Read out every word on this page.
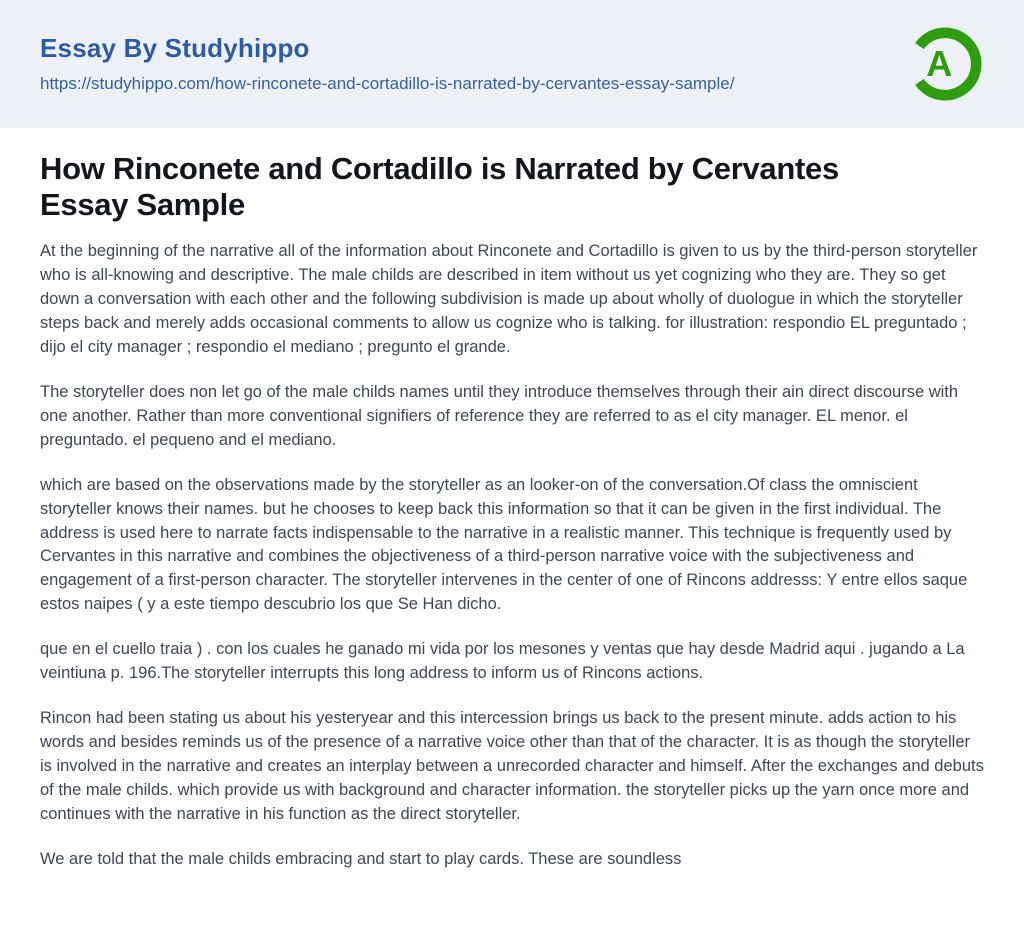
Essay By Studyhippo
https://studyhippo.com/how-rinconete-and-cortadillo-is-narrated-by-cervantes-essay-sample/
A
How Rinconete and Cortadillo is Narrated by Cervantes Essay Sample

At the beginning of the narrative all of the information about Rinconete and Cortadillo is given to us by the third-person storyteller who is all-knowing and descriptive. The male childs are described in item without us yet cognizing who they are. They so get down a conversation with each other and the following subdivision is made up about wholly of duologue in which the storyteller steps back and merely adds occasional comments to allow us cognize who is talking. for illustration: respondio EL preguntado ; dijo el city manager ; respondio el mediano ; pregunto el grande.

The storyteller does non let go of the male childs names until they introduce themselves through their ain direct discourse with one another. Rather than more conventional signifiers of reference they are referred to as el city manager. EL menor. el preguntado. el pequeno and el mediano.

which are based on the observations made by the storyteller as an looker-on of the conversation.Of class the omniscient storyteller knows their names. but he chooses to keep back this information so that it can be given in the first individual. The address is used here to narrate facts indispensable to the narrative in a realistic manner. This technique is frequently used by Cervantes in this narrative and combines the objectiveness of a third-person narrative voice with the subjectiveness and engagement of a first-person character. The storyteller intervenes in the center of one of Rincons addresss: Y entre ellos saque estos naipes ( y a este tiempo descubrio los que Se Han dicho.

que en el cuello traia ) . con los cuales he ganado mi vida por los mesones y ventas que hay desde Madrid aqui . jugando a La veintiuna p. 196.The storyteller interrupts this long address to inform us of Rincons actions.

Rincon had been stating us about his yesteryear and this intercession brings us back to the present minute. adds action to his words and besides reminds us of the presence of a narrative voice other than that of the character. It is as though the storyteller is involved in the narrative and creates an interplay between a unrecorded character and himself. After the exchanges and debuts of the male childs. which provide us with background and character information. the storyteller picks up the yarn once more and continues with the narrative in his function as the direct storyteller.

We are told that the male childs embracing and start to play cards. These are soundless
